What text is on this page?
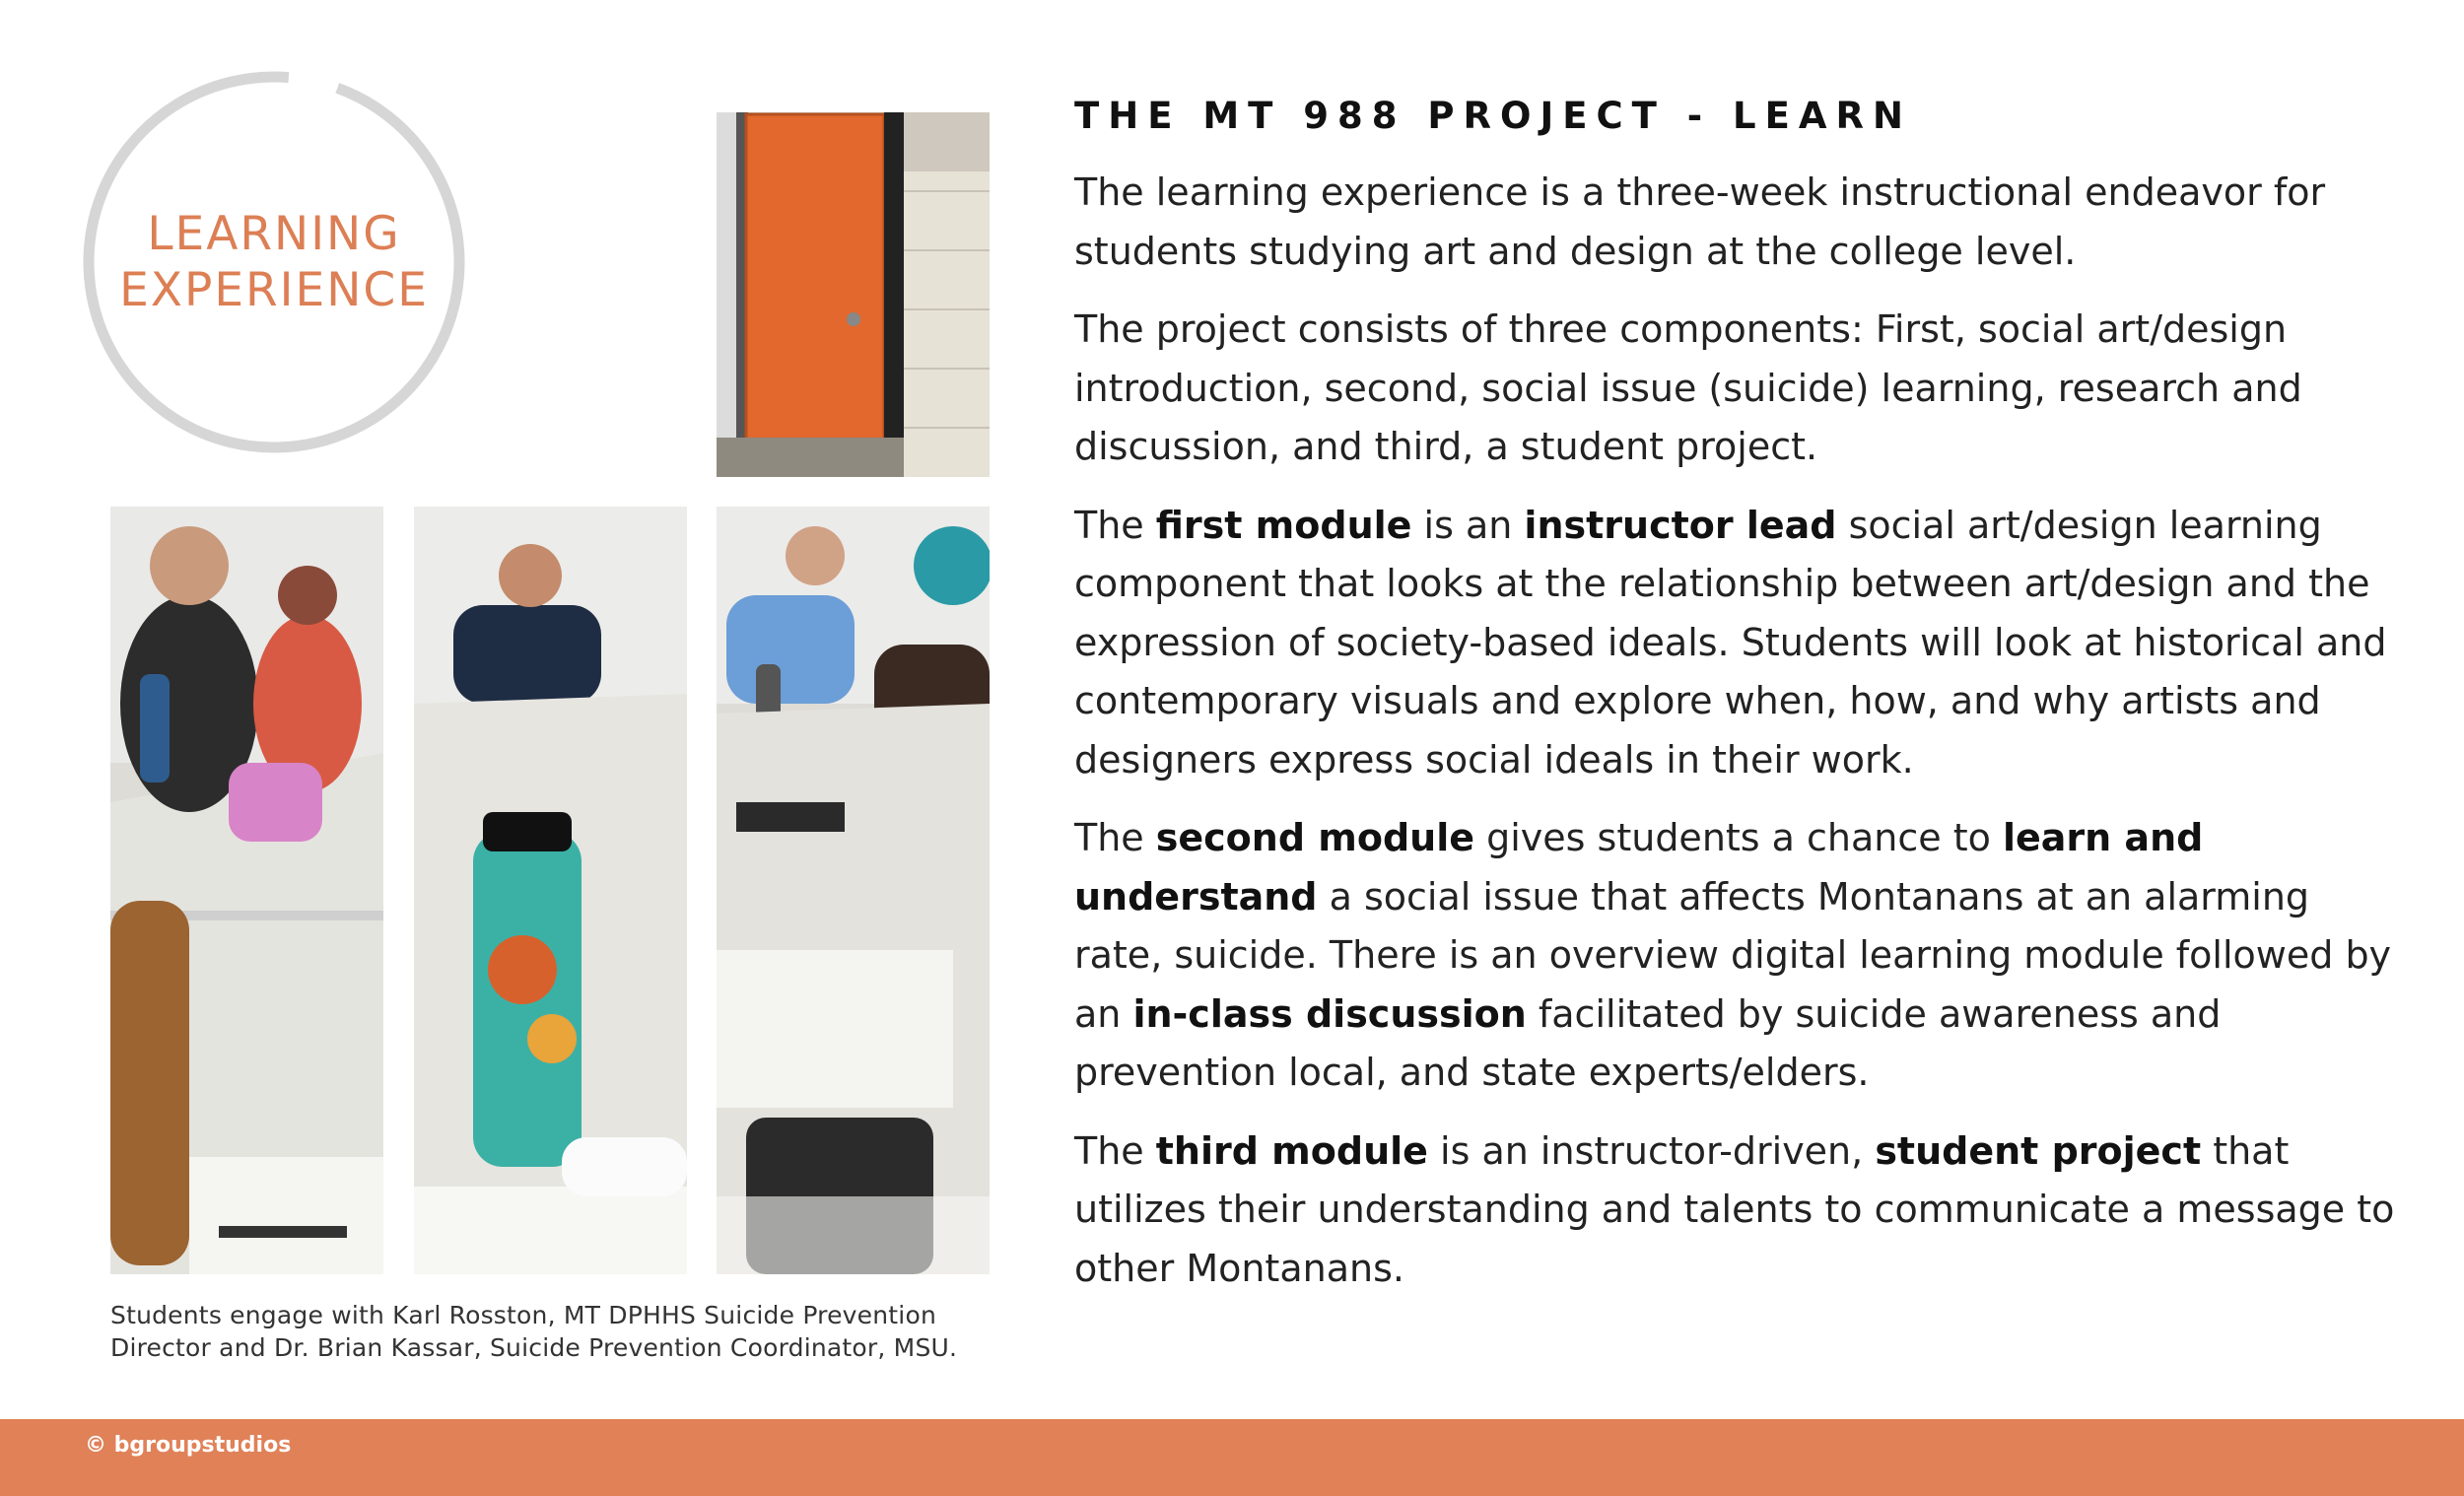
LEARNING
EXPERIENCE
Students engage with Karl Rosston, MT DPHHS Suicide Prevention Director and Dr. Brian Kassar, Suicide Prevention Coordinator, MSU.
THE MT 988 PROJECT - LEARN

The learning experience is a three-week instructional endeavor for students studying art and design at the college level.

The project consists of three components: First, social art/design introduction, second, social issue (suicide) learning, research and discussion, and third, a student project.

The first module is an instructor lead social art/design learning component that looks at the relationship between art/design and the expression of society-based ideals. Students will look at historical and contemporary visuals and explore when, how, and why artists and designers express social ideals in their work.

The second module gives students a chance to learn and understand a social issue that affects Montanans at an alarming rate, suicide. There is an overview digital learning module followed by an in-class discussion facilitated by suicide awareness and prevention local, and state experts/elders.

The third module is an instructor-driven, student project that utilizes their understanding and talents to communicate a message to other Montanans.

© bgroupstudios
